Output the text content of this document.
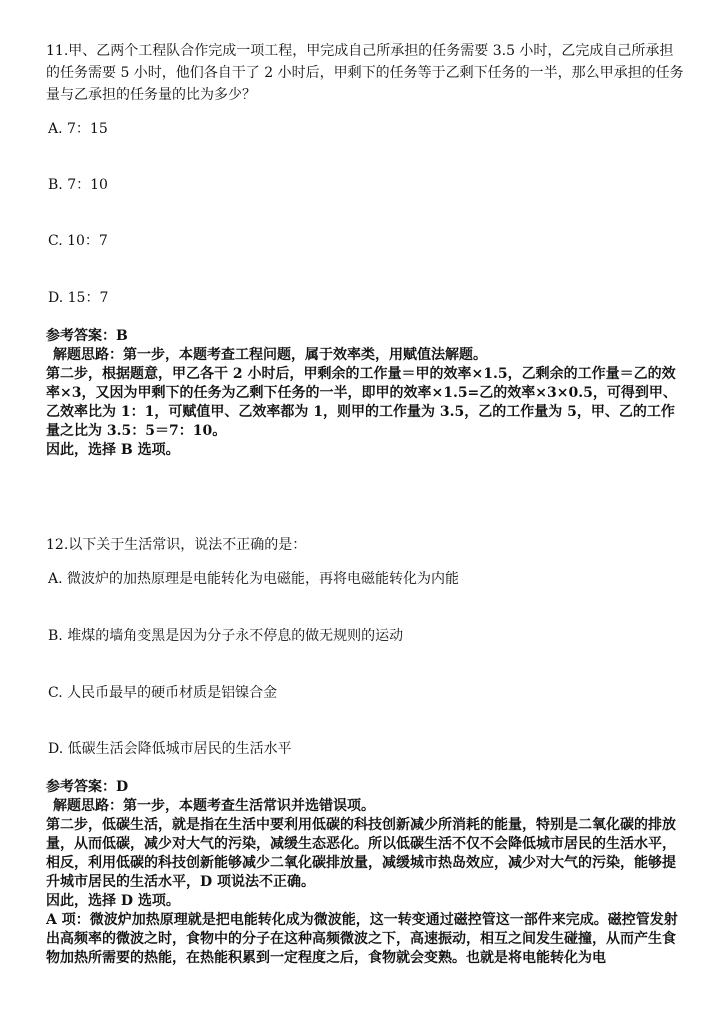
11.甲、乙两个工程队合作完成一项工程，甲完成自己所承担的任务需要 3.5 小时，乙完成自己所承担的任务需要 5 小时，他们各自干了 2 小时后，甲剩下的任务等于乙剩下任务的一半，那么甲承担的任务量与乙承担的任务量的比为多少？

A. 7：15

B. 7：10

C. 10：7

D. 15：7

参考答案：B

解题思路：第一步，本题考查工程问题，属于效率类，用赋值法解题。

第二步，根据题意，甲乙各干 2 小时后，甲剩余的工作量＝甲的效率×1.5，乙剩余的工作量＝乙的效率×3，又因为甲剩下的任务为乙剩下任务的一半，即甲的效率×1.5=乙的效率×3×0.5，可得到甲、乙效率比为 1：1，可赋值甲、乙效率都为 1，则甲的工作量为 3.5，乙的工作量为 5，甲、乙的工作量之比为 3.5：5＝7：10。

因此，选择 B 选项。

12.以下关于生活常识，说法不正确的是：

A. 微波炉的加热原理是电能转化为电磁能，再将电磁能转化为内能

B. 堆煤的墙角变黑是因为分子永不停息的做无规则的运动

C. 人民币最早的硬币材质是铝镍合金

D. 低碳生活会降低城市居民的生活水平

参考答案：D

解题思路：第一步，本题考查生活常识并选错误项。

第二步，低碳生活，就是指在生活中要利用低碳的科技创新减少所消耗的能量，特别是二氧化碳的排放量，从而低碳，减少对大气的污染，减缓生态恶化。所以低碳生活不仅不会降低城市居民的生活水平，相反，利用低碳的科技创新能够减少二氧化碳排放量，减缓城市热岛效应，减少对大气的污染，能够提升城市居民的生活水平，D 项说法不正确。

因此，选择 D 选项。

A 项：微波炉加热原理就是把电能转化成为微波能，这一转变通过磁控管这一部件来完成。磁控管发射出高频率的微波之时，食物中的分子在这种高频微波之下，高速振动，相互之间发生碰撞，从而产生食物加热所需要的热能，在热能积累到一定程度之后，食物就会变熟。也就是将电能转化为电
